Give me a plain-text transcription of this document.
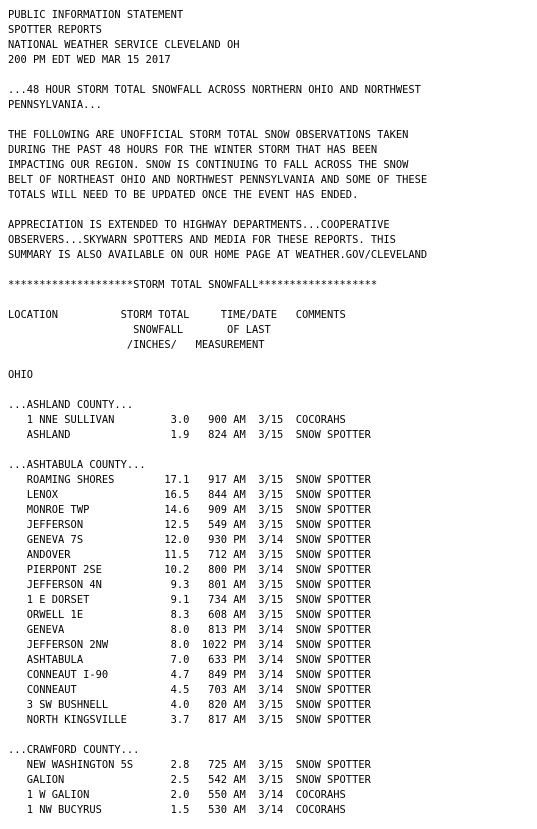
PUBLIC INFORMATION STATEMENT
SPOTTER REPORTS
NATIONAL WEATHER SERVICE CLEVELAND OH
200 PM EDT WED MAR 15 2017
...48 HOUR STORM TOTAL SNOWFALL ACROSS NORTHERN OHIO AND NORTHWEST
PENNSYLVANIA...
THE FOLLOWING ARE UNOFFICIAL STORM TOTAL SNOW OBSERVATIONS TAKEN
DURING THE PAST 48 HOURS FOR THE WINTER STORM THAT HAS BEEN
IMPACTING OUR REGION. SNOW IS CONTINUING TO FALL ACROSS THE SNOW
BELT OF NORTHEAST OHIO AND NORTHWEST PENNSYLVANIA AND SOME OF THESE
TOTALS WILL NEED TO BE UPDATED ONCE THE EVENT HAS ENDED.
APPRECIATION IS EXTENDED TO HIGHWAY DEPARTMENTS...COOPERATIVE
OBSERVERS...SKYWARN SPOTTERS AND MEDIA FOR THESE REPORTS. THIS
SUMMARY IS ALSO AVAILABLE ON OUR HOME PAGE AT WEATHER.GOV/CLEVELAND
********************STORM TOTAL SNOWFALL*******************
LOCATION          STORM TOTAL     TIME/DATE   COMMENTS
SNOWFALL       OF LAST
/INCHES/   MEASUREMENT
OHIO
...ASHLAND COUNTY...
1 NNE SULLIVAN         3.0   900 AM  3/15  COCORAHS
ASHLAND                1.9   824 AM  3/15  SNOW SPOTTER
...ASHTABULA COUNTY...
ROAMING SHORES        17.1   917 AM  3/15  SNOW SPOTTER
LENOX                 16.5   844 AM  3/15  SNOW SPOTTER
MONROE TWP            14.6   909 AM  3/15  SNOW SPOTTER
JEFFERSON             12.5   549 AM  3/15  SNOW SPOTTER
GENEVA 7S             12.0   930 PM  3/14  SNOW SPOTTER
ANDOVER               11.5   712 AM  3/15  SNOW SPOTTER
PIERPONT 2SE          10.2   800 PM  3/14  SNOW SPOTTER
JEFFERSON 4N           9.3   801 AM  3/15  SNOW SPOTTER
1 E DORSET             9.1   734 AM  3/15  SNOW SPOTTER
ORWELL 1E              8.3   608 AM  3/15  SNOW SPOTTER
GENEVA                 8.0   813 PM  3/14  SNOW SPOTTER
JEFFERSON 2NW          8.0  1022 PM  3/14  SNOW SPOTTER
ASHTABULA              7.0   633 PM  3/14  SNOW SPOTTER
CONNEAUT I-90          4.7   849 PM  3/14  SNOW SPOTTER
CONNEAUT               4.5   703 AM  3/14  SNOW SPOTTER
3 SW BUSHNELL          4.0   820 AM  3/15  SNOW SPOTTER
NORTH KINGSVILLE       3.7   817 AM  3/15  SNOW SPOTTER
...CRAWFORD COUNTY...
NEW WASHINGTON 5S      2.8   725 AM  3/15  SNOW SPOTTER
GALION                 2.5   542 AM  3/15  SNOW SPOTTER
1 W GALION             2.0   550 AM  3/14  COCORAHS
1 NW BUCYRUS           1.5   530 AM  3/14  COCORAHS
